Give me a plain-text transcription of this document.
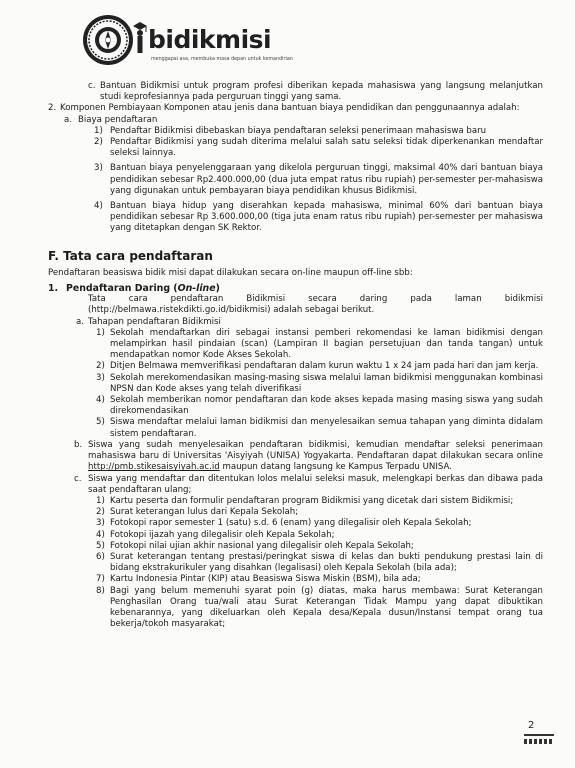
bidikmisi
menggapai asa, membuka masa depan untuk kemandirian
c. Bantuan Bidikmisi untuk program profesi diberikan kepada mahasiswa yang langsung melanjutkan studi keprofesiannya pada perguruan tinggi yang sama.
2. Komponen Pembiayaan Komponen atau jenis dana bantuan biaya pendidikan dan penggunaannya adalah:
a. Biaya pendaftaran
1) Pendaftar Bidikmisi dibebaskan biaya pendaftaran seleksi penerimaan mahasiswa baru
2) Pendaftar Bidikmisi yang sudah diterima melalui salah satu seleksi tidak diperkenankan mendaftar seleksi lainnya.
3) Bantuan biaya penyelenggaraan yang dikelola perguruan tinggi, maksimal 40% dari bantuan biaya pendidikan sebesar Rp2.400.000,00 (dua juta empat ratus ribu rupiah) per-semester per-mahasiswa yang digunakan untuk pembayaran biaya pendidikan khusus Bidikmisi.
4) Bantuan biaya hidup yang diserahkan kepada mahasiswa, minimal 60% dari bantuan biaya pendidikan sebesar Rp 3.600.000,00 (tiga juta enam ratus ribu rupiah) per-semester per mahasiswa yang ditetapkan dengan SK Rektor.
F. Tata cara pendaftaran
Pendaftaran beasiswa bidik misi dapat dilakukan secara on-line maupun off-line sbb:
1. Pendaftaran Daring (On-line)
Tata cara pendaftaran Bidikmisi secara daring pada laman bidikmisi (http://belmawa.ristekdikti.go.id/bidikmisi) adalah sebagai berikut.
a. Tahapan pendaftaran Bidikmisi
1) Sekolah mendaftarkan diri sebagai instansi pemberi rekomendasi ke laman bidikmisi dengan melampirkan hasil pindaian (scan) (Lampiran II bagian persetujuan dan tanda tangan) untuk mendapatkan nomor Kode Akses Sekolah.
2) Ditjen Belmawa memverifikasi pendaftaran dalam kurun waktu 1 x 24 jam pada hari dan jam kerja.
3) Sekolah merekomendasikan masing-masing siswa melalui laman bidikmisi menggunakan kombinasi NPSN dan Kode akses yang telah diverifikasi
4) Sekolah memberikan nomor pendaftaran dan kode akses kepada masing masing siswa yang sudah direkomendasikan
5) Siswa mendaftar melalui laman bidikmisi dan menyelesaikan semua tahapan yang diminta didalam sistem pendaftaran.
b. Siswa yang sudah menyelesaikan pendaftaran bidikmisi, kemudian mendaftar seleksi penerimaan mahasiswa baru di Universitas 'Aisyiyah (UNISA) Yogyakarta. Pendaftaran dapat dilakukan secara online http://pmb.stikesaisyiyah.ac.id maupun datang langsung ke Kampus Terpadu UNISA.
c. Siswa yang mendaftar dan ditentukan lolos melalui seleksi masuk, melengkapi berkas dan dibawa pada saat pendaftaran ulang;
1) Kartu peserta dan formulir pendaftaran program Bidikmisi yang dicetak dari sistem Bidikmisi;
2) Surat keterangan lulus dari Kepala Sekolah;
3) Fotokopi rapor semester 1 (satu) s.d. 6 (enam) yang dilegalisir oleh Kepala Sekolah;
4) Fotokopi ijazah yang dilegalisir oleh Kepala Sekolah;
5) Fotokopi nilai ujian akhir nasional yang dilegalisir oleh Kepala Sekolah;
6) Surat keterangan tentang prestasi/peringkat siswa di kelas dan bukti pendukung prestasi lain di bidang ekstrakurikuler yang disahkan (legalisasi) oleh Kepala Sekolah (bila ada);
7) Kartu Indonesia Pintar (KIP) atau Beasiswa Siswa Miskin (BSM), bila ada;
8) Bagi yang belum memenuhi syarat poin (g) diatas, maka harus membawa: Surat Keterangan Penghasilan Orang tua/wali atau Surat Keterangan Tidak Mampu yang dapat dibuktikan kebenarannya, yang dikeluarkan oleh Kepala desa/Kepala dusun/Instansi tempat orang tua bekerja/tokoh masyarakat;
2
